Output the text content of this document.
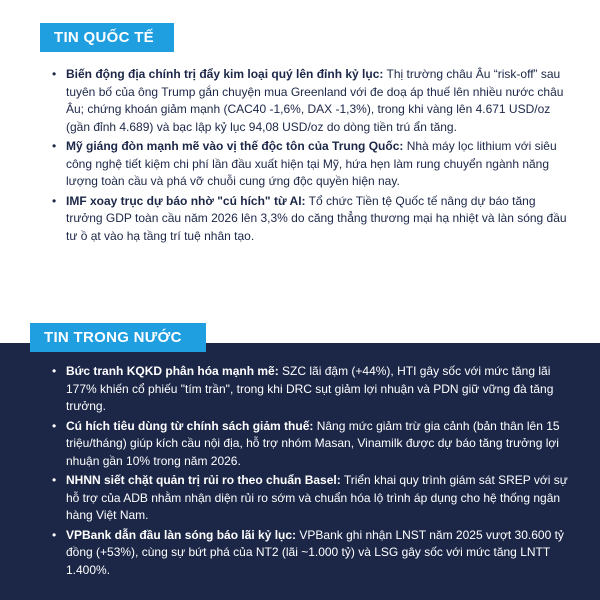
TIN QUỐC TẾ
• Biến động địa chính trị đẩy kim loại quý lên đỉnh kỷ lục: Thị trường châu Âu “risk-off” sau tuyên bố của ông Trump gắn chuyện mua Greenland với đe doạ áp thuế lên nhiều nước châu Âu; chứng khoán giảm mạnh (CAC40 -1,6%, DAX -1,3%), trong khi vàng lên 4.671 USD/oz (gần đỉnh 4.689) và bạc lập kỷ lục 94,08 USD/oz do dòng tiền trú ẩn tăng.
• Mỹ giáng đòn mạnh mẽ vào vị thế độc tôn của Trung Quốc: Nhà máy lọc lithium với siêu công nghệ tiết kiệm chi phí lần đầu xuất hiện tại Mỹ, hứa hẹn làm rung chuyển ngành năng lượng toàn cầu và phá vỡ chuỗi cung ứng độc quyền hiện nay.
• IMF xoay trục dự báo nhờ "cú hích" từ AI: Tổ chức Tiền tệ Quốc tế nâng dự báo tăng trưởng GDP toàn cầu năm 2026 lên 3,3% do căng thẳng thương mại hạ nhiệt và làn sóng đầu tư ồ ạt vào hạ tầng trí tuệ nhân tạo.
TIN TRONG NƯỚC
• Bức tranh KQKD phân hóa mạnh mẽ: SZC lãi đậm (+44%), HTI gây sốc với mức tăng lãi 177% khiến cổ phiếu "tím trần", trong khi DRC sụt giảm lợi nhuận và PDN giữ vững đà tăng trưởng.
• Cú hích tiêu dùng từ chính sách giảm thuế: Nâng mức giảm trừ gia cảnh (bản thân lên 15 triệu/tháng) giúp kích cầu nội địa, hỗ trợ nhóm Masan, Vinamilk được dự báo tăng trưởng lợi nhuận gần 10% trong năm 2026.
• NHNN siết chặt quản trị rủi ro theo chuẩn Basel: Triển khai quy trình giám sát SREP với sự hỗ trợ của ADB nhằm nhận diện rủi ro sớm và chuẩn hóa lộ trình áp dụng cho hệ thống ngân hàng Việt Nam.
• VPBank dẫn đầu làn sóng báo lãi kỷ lục: VPBank ghi nhận LNST năm 2025 vượt 30.600 tỷ đồng (+53%), cùng sự bứt phá của NT2 (lãi ~1.000 tỷ) và LSG gây sốc với mức tăng LNTT 1.400%.
